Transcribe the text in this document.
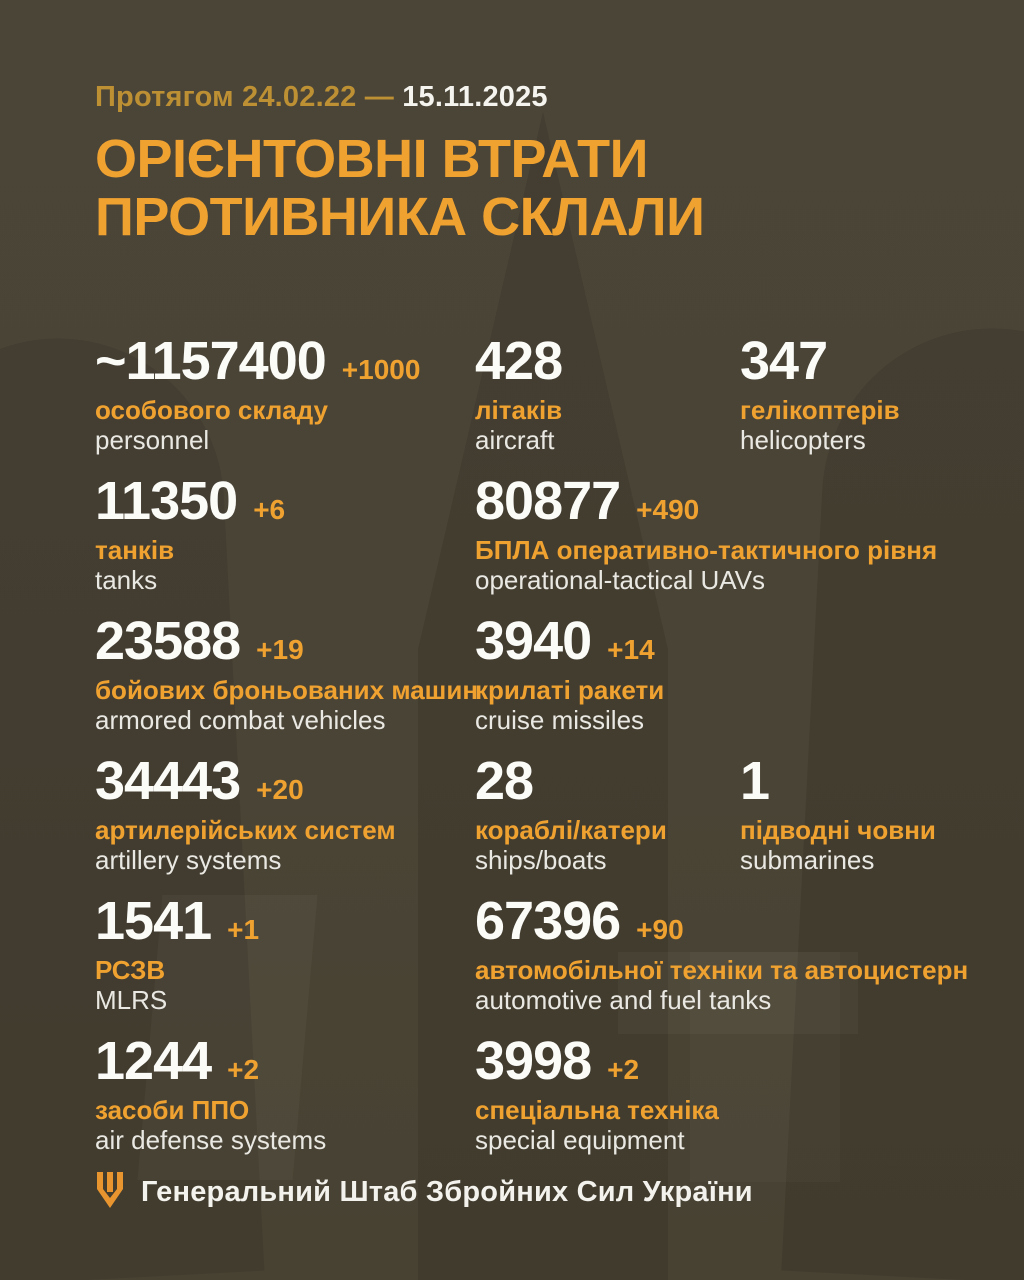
Протягом 24.02.22 — 15.11.2025
ОРІЄНТОВНІ ВТРАТИ
ПРОТИВНИКА СКЛАЛИ
~1157400 +1000
особового складу
personnel
428
літаків
aircraft
347
гелікоптерів
helicopters
11350 +6
танків
tanks
80877 +490
БПЛА оперативно-тактичного рівня
operational-tactical UAVs
23588 +19
бойових броньованих машин
armored combat vehicles
3940 +14
крилаті ракети
cruise missiles
34443 +20
артилерійських систем
artillery systems
28
кораблі/катери
ships/boats
1
підводні човни
submarines
1541 +1
РСЗВ
MLRS
67396 +90
автомобільної техніки та автоцистерн
automotive and fuel tanks
1244 +2
засоби ППО
air defense systems
3998 +2
спеціальна техніка
special equipment
Генеральний Штаб Збройних Сил України
